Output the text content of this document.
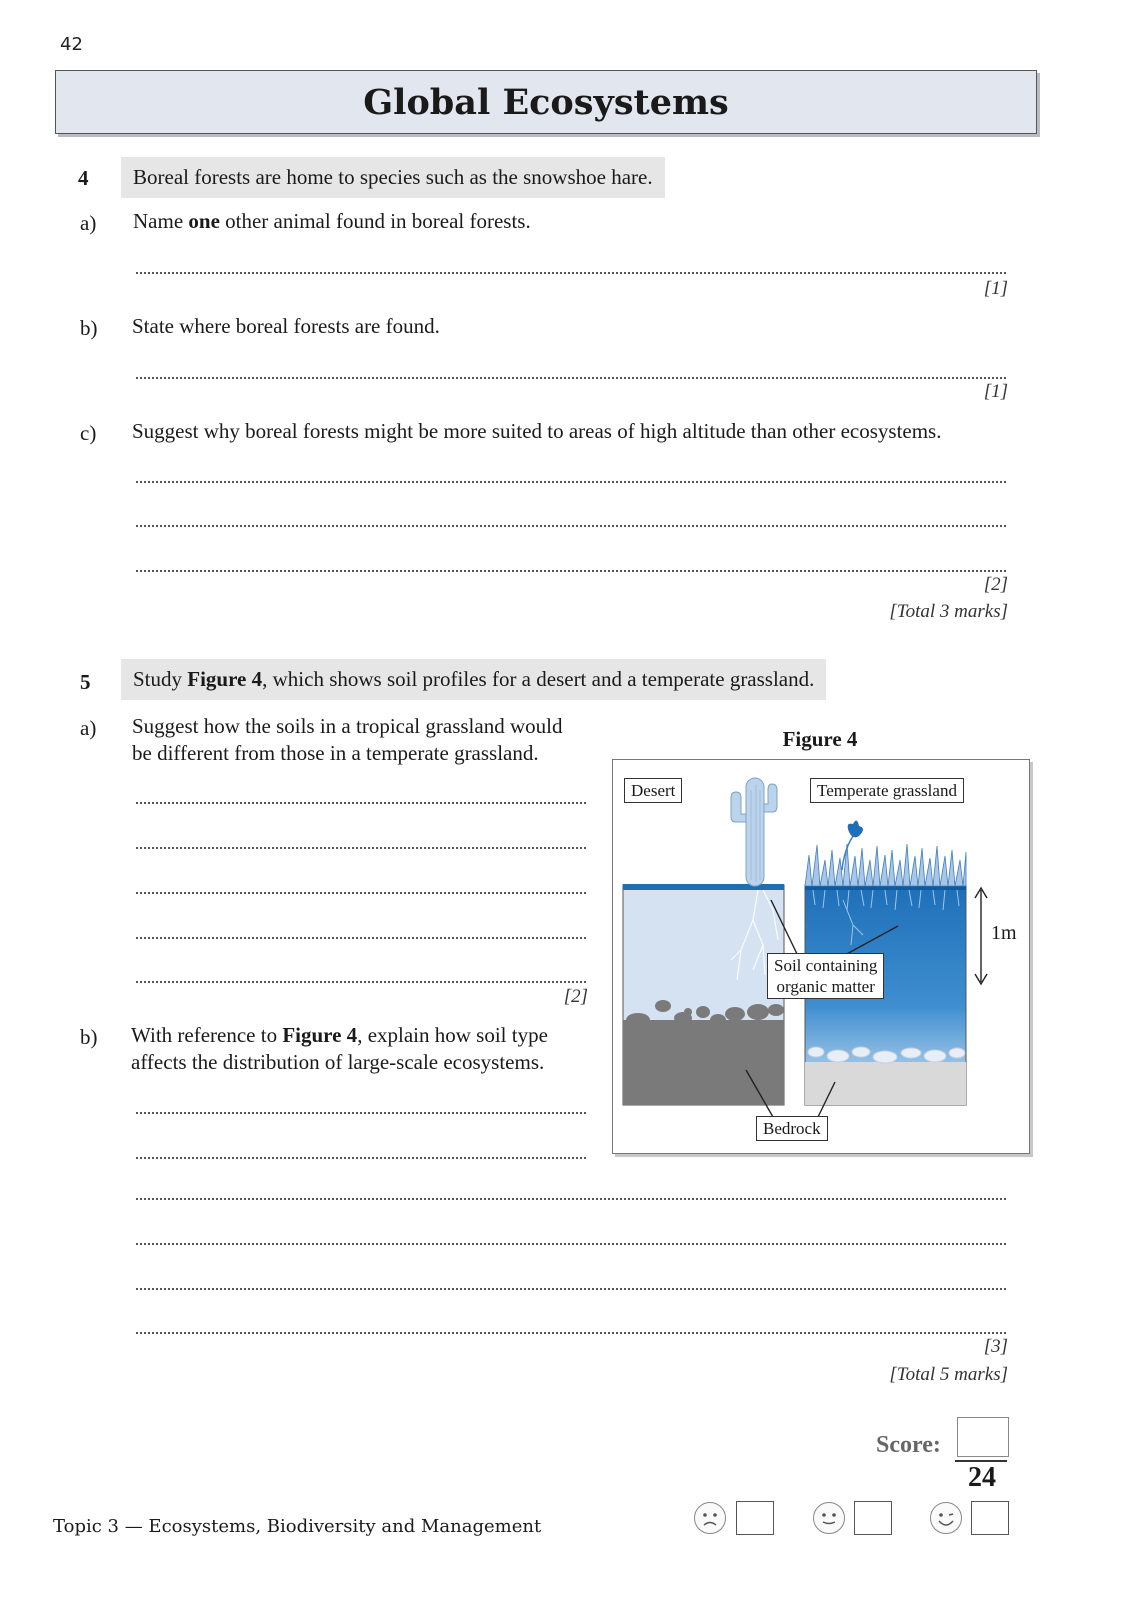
42
Global Ecosystems
4	Boreal forests are home to species such as the snowshoe hare.
a) Name one other animal found in boreal forests.
[1]
b) State where boreal forests are found.
[1]
c) Suggest why boreal forests might be more suited to areas of high altitude than other ecosystems.
[2]
[Total 3 marks]
5	Study Figure 4, which shows soil profiles for a desert and a temperate grassland.
a) Suggest how the soils in a tropical grassland would
be different from those in a temperate grassland.
[2]
b) With reference to Figure 4, explain how soil type
affects the distribution of large-scale ecosystems.
[3]
[Total 5 marks]
Figure 4
Desert	Temperate grassland
Soil containing
organic matter
Bedrock
1m
Score:
24
Topic 3 — Ecosystems, Biodiversity and Management
